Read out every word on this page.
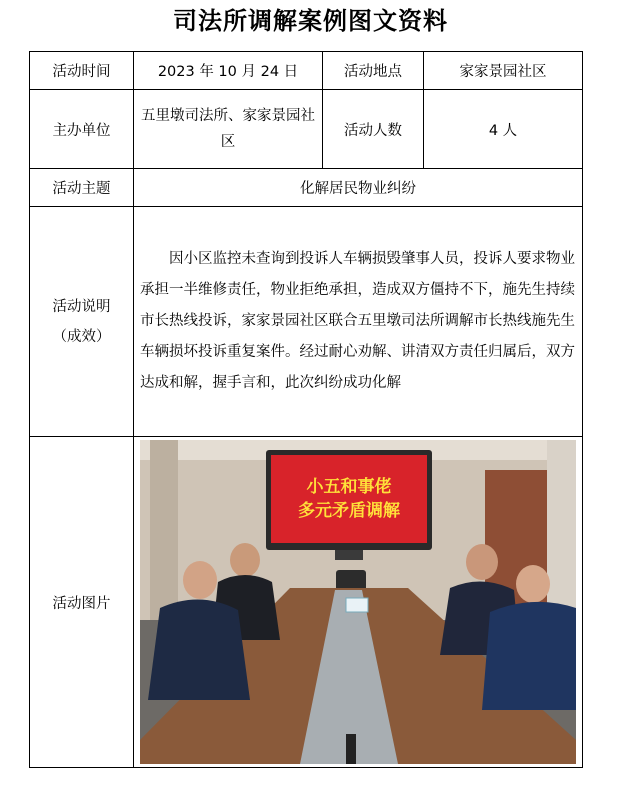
司法所调解案例图文资料
活动时间	2023 年 10 月 24 日	活动地点	家家景园社区
主办单位	五里墩司法所、家家景园社区	活动人数	4 人
活动主题	化解居民物业纠纷		

活动说明
（成效）	因小区监控未查询到投诉人车辆损毁肇事人员，投诉人要求物业承担一半维修责任，物业拒绝承担，造成双方僵持不下，施先生持续市长热线投诉，家家景园社区联合五里墩司法所调解市长热线施先生车辆损坏投诉重复案件。经过耐心劝解、讲清双方责任归属后，双方达成和解，握手言和，此次纠纷成功化解		
活动图片	小五和事佬
多元矛盾调解		
